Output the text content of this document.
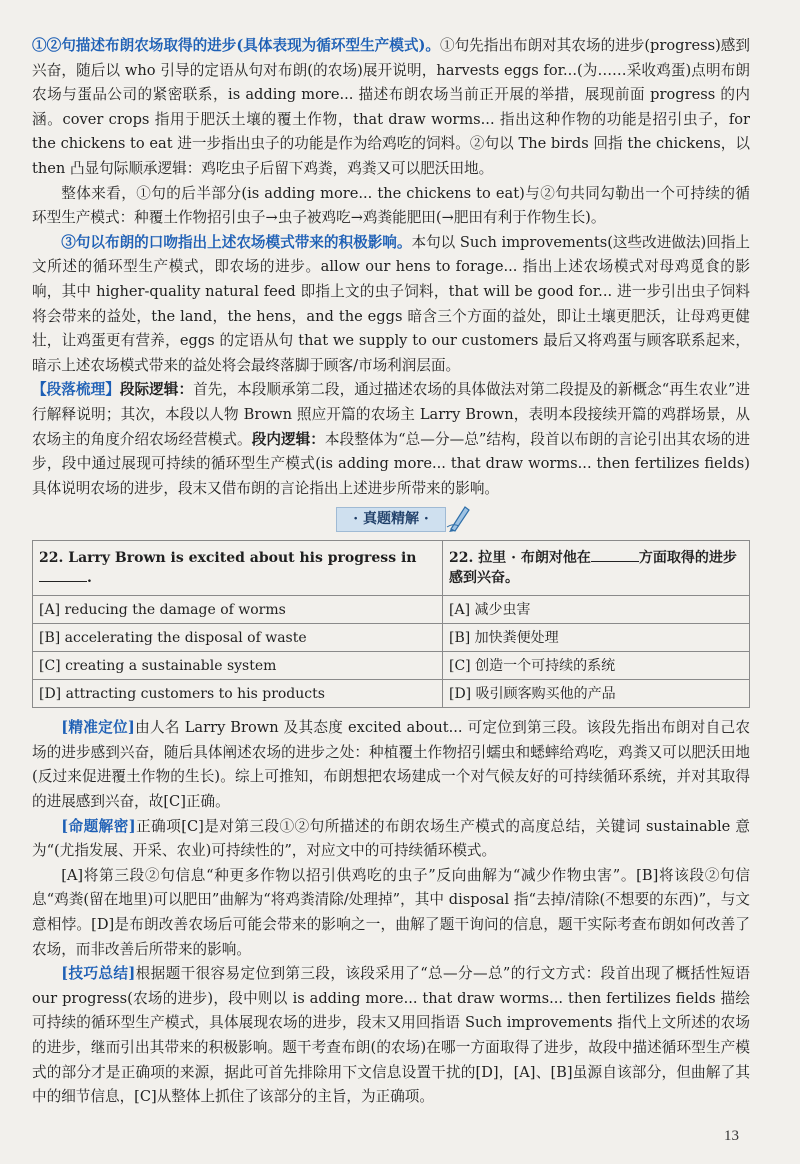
①②句描述布朗农场取得的进步(具体表现为循环型生产模式)。①句先指出布朗对其农场的进步(progress)感到兴奋，随后以 who 引导的定语从句对布朗(的农场)展开说明，harvests eggs for...(为……采收鸡蛋)点明布朗农场与蛋品公司的紧密联系，is adding more... 描述布朗农场当前正开展的举措，展现前面 progress 的内涵。cover crops 指用于肥沃土壤的覆土作物，that draw worms... 指出这种作物的功能是招引虫子，for the chickens to eat 进一步指出虫子的功能是作为给鸡吃的饲料。②句以 The birds 回指 the chickens，以 then 凸显句际顺承逻辑：鸡吃虫子后留下鸡粪，鸡粪又可以肥沃田地。

整体来看，①句的后半部分(is adding more... the chickens to eat)与②句共同勾勒出一个可持续的循环型生产模式：种覆土作物招引虫子→虫子被鸡吃→鸡粪能肥田(→肥田有利于作物生长)。

③句以布朗的口吻指出上述农场模式带来的积极影响。本句以 Such improvements(这些改进做法)回指上文所述的循环型生产模式，即农场的进步。allow our hens to forage... 指出上述农场模式对母鸡觅食的影响，其中 higher-quality natural feed 即指上文的虫子饲料，that will be good for... 进一步引出虫子饲料将会带来的益处，the land，the hens，and the eggs 暗含三个方面的益处，即让土壤更肥沃，让母鸡更健壮，让鸡蛋更有营养，eggs 的定语从句 that we supply to our customers 最后又将鸡蛋与顾客联系起来，暗示上述农场模式带来的益处将会最终落脚于顾客/市场利润层面。

【段落梳理】段际逻辑：首先，本段顺承第二段，通过描述农场的具体做法对第二段提及的新概念“再生农业”进行解释说明；其次，本段以人物 Brown 照应开篇的农场主 Larry Brown，表明本段接续开篇的鸡群场景，从农场主的角度介绍农场经营模式。段内逻辑：本段整体为“总—分—总”结构，段首以布朗的言论引出其农场的进步，段中通过展现可持续的循环型生产模式(is adding more... that draw worms... then fertilizes fields)具体说明农场的进步，段末又借布朗的言论指出上述进步所带来的影响。

· 真题精解 ·
22. Larry Brown is excited about his progress in .	22. 拉里 · 布朗对他在 方面取得的进步感到兴奋。
[A] reducing the damage of worms	[A] 减少虫害
[B] accelerating the disposal of waste	[B] 加快粪便处理
[C] creating a sustainable system	[C] 创造一个可持续的系统
[D] attracting customers to his products	[D] 吸引顾客购买他的产品

[精准定位]由人名 Larry Brown 及其态度 excited about... 可定位到第三段。该段先指出布朗对自己农场的进步感到兴奋，随后具体阐述农场的进步之处：种植覆土作物招引蠕虫和蟋蟀给鸡吃，鸡粪又可以肥沃田地(反过来促进覆土作物的生长)。综上可推知，布朗想把农场建成一个对气候友好的可持续循环系统，并对其取得的进展感到兴奋，故[C]正确。

[命题解密]正确项[C]是对第三段①②句所描述的布朗农场生产模式的高度总结，关键词 sustainable 意为“(尤指发展、开采、农业)可持续性的”，对应文中的可持续循环模式。

[A]将第三段②句信息“种更多作物以招引供鸡吃的虫子”反向曲解为“减少作物虫害”。[B]将该段②句信息“鸡粪(留在地里)可以肥田”曲解为“将鸡粪清除/处理掉”，其中 disposal 指“去掉/清除(不想要的东西)”，与文意相悖。[D]是布朗改善农场后可能会带来的影响之一，曲解了题干询问的信息，题干实际考查布朗如何改善了农场，而非改善后所带来的影响。

[技巧总结]根据题干很容易定位到第三段，该段采用了“总—分—总”的行文方式：段首出现了概括性短语 our progress(农场的进步)，段中则以 is adding more... that draw worms... then fertilizes fields 描绘可持续的循环型生产模式，具体展现农场的进步，段末又用回指语 Such improvements 指代上文所述的农场的进步，继而引出其带来的积极影响。题干考查布朗(的农场)在哪一方面取得了进步，故段中描述循环型生产模式的部分才是正确项的来源，据此可首先排除用下文信息设置干扰的[D]，[A]、[B]虽源自该部分，但曲解了其中的细节信息，[C]从整体上抓住了该部分的主旨，为正确项。

13
